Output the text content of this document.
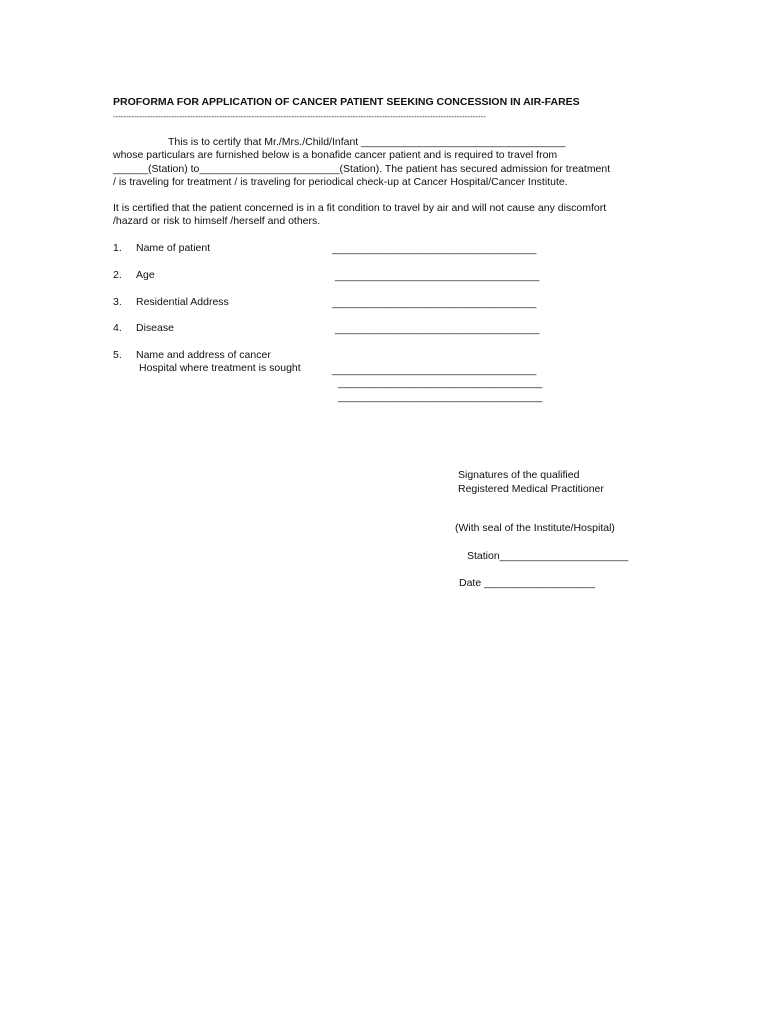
PROFORMA FOR APPLICATION OF CANCER PATIENT SEEKING CONCESSION IN AIR-FARES
--------------------------------------------------------------------------------------------------------------------------------------------
This is to certify that Mr./Mrs./Child/Infant ___________________________________
whose particulars are furnished below is a bonafide cancer patient and is required to travel from
______(Station) to________________________(Station). The patient has secured admission for treatment
/ is traveling for treatment / is traveling for periodical check-up at Cancer Hospital/Cancer Institute.
It is certified that the patient concerned is in a fit condition to travel by air and will not cause any discomfort
/hazard or risk to himself /herself and others.
1. Name of patient	___________________________________
2. Age	___________________________________
3. Residential Address	___________________________________
4. Disease	___________________________________
5. Name and address of cancer
Hospital where treatment is sought	___________________________________
___________________________________
___________________________________
Signatures of the qualified
Registered Medical Practitioner
(With seal of the Institute/Hospital)
Station______________________
Date ___________________
